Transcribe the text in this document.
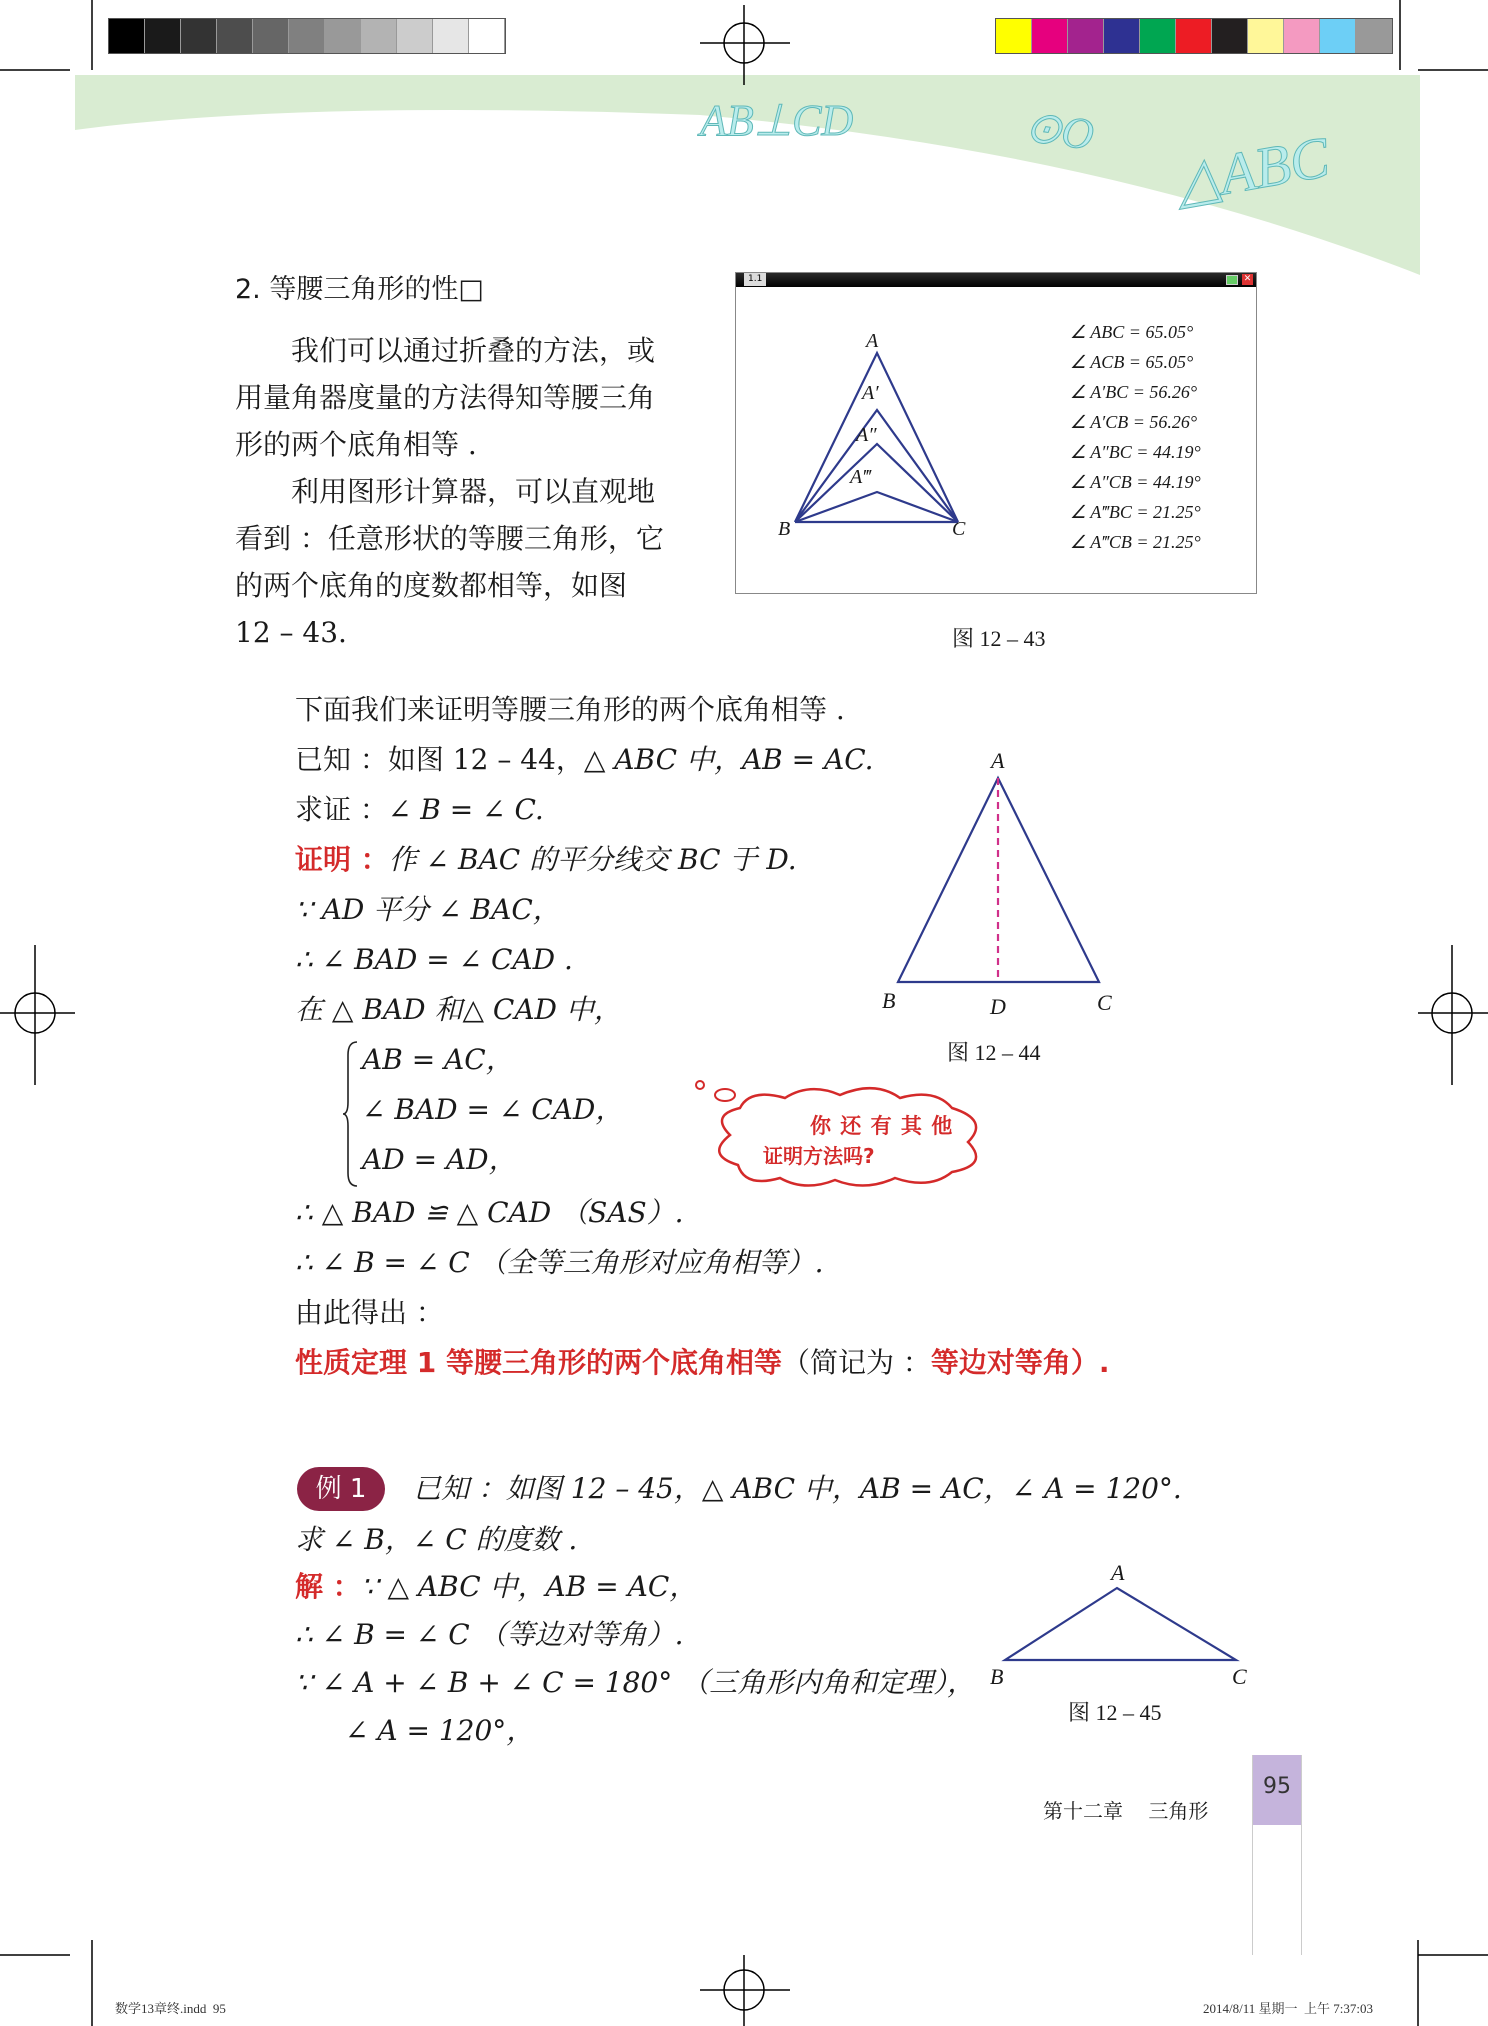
AB⊥CD	⊙O △ABC
2. 等腰三角形的性□
我们可以通过折叠的方法，或
用量角器度量的方法得知等腰三角
形的两个底角相等 .
利用图形计算器，可以直观地
看到 ：任意形状的等腰三角形，它
的两个底角的度数都相等，如图
12 – 43.
1.1	✕
A
A′
A″
A‴
B	C
∠ ABC = 65.05°
∠ ACB = 65.05°
∠ A′BC = 56.26°
∠ A′CB = 56.26°
∠ A″BC = 44.19°
∠ A″CB = 44.19°
∠ A‴BC = 21.25°
∠ A‴CB = 21.25°
图 12 – 43
下面我们来证明等腰三角形的两个底角相等 .
已知 ：如图 12 – 44，△ ABC 中，AB = AC.
求证 ：∠ B = ∠ C.
证明 ：作 ∠ BAC 的平分线交 BC 于 D.
∵ AD 平分 ∠ BAC，
∴ ∠ BAD = ∠ CAD .
在 △ BAD 和△ CAD 中，
AB = AC，
∠ BAD = ∠ CAD，
AD = AD，
∴ △ BAD ≌ △ CAD （SAS）.
∴ ∠ B = ∠ C （全等三角形对应角相等）.
由此得出 ：
性质定理 1 等腰三角形的两个底角相等（简记为 ：等边对等角）.
A
B	D	C
图 12 – 44
你 还 有 其 他
证明方法吗?
例 1	已知 ：如图 12 – 45，△ ABC 中，AB = AC，∠ A = 120°.
求 ∠ B，∠ C 的度数 .
解 ：∵ △ ABC 中，AB = AC，
∴ ∠ B = ∠ C （等边对等角）.
∵ ∠ A + ∠ B + ∠ C = 180° （三角形内角和定理），
∠ A = 120°，
A
B	C
图 12 – 45
95
第十二章    三角形
数学13章终.indd  95	2014/8/11 星期一  上午 7:37:03
